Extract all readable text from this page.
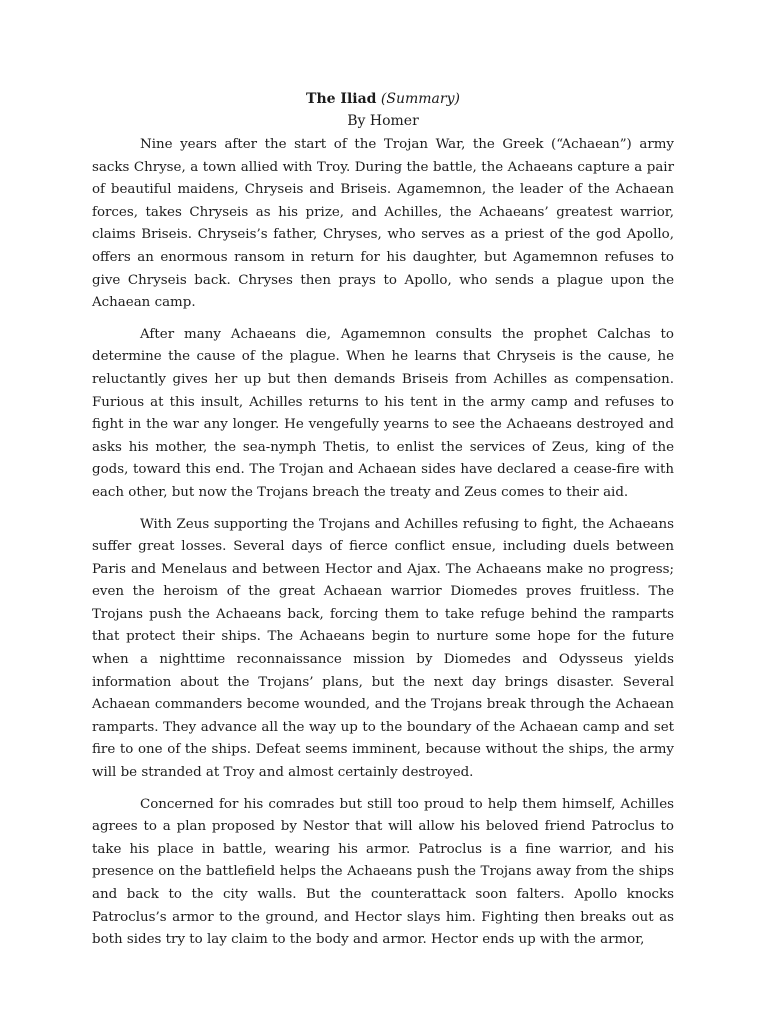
The Iliad (Summary)

By Homer

Nine years after the start of the Trojan War, the Greek (“Achaean”) army sacks Chryse, a town allied with Troy. During the battle, the Achaeans capture a pair of beautiful maidens, Chryseis and Briseis. Agamemnon, the leader of the Achaean forces, takes Chryseis as his prize, and Achilles, the Achaeans’ greatest warrior, claims Briseis. Chryseis’s father, Chryses, who serves as a priest of the god Apollo, offers an enormous ransom in return for his daughter, but Agamemnon refuses to give Chryseis back. Chryses then prays to Apollo, who sends a plague upon the Achaean camp.

After many Achaeans die, Agamemnon consults the prophet Calchas to determine the cause of the plague. When he learns that Chryseis is the cause, he reluctantly gives her up but then demands Briseis from Achilles as compensation. Furious at this insult, Achilles returns to his tent in the army camp and refuses to fight in the war any longer. He vengefully yearns to see the Achaeans destroyed and asks his mother, the sea-nymph Thetis, to enlist the services of Zeus, king of the gods, toward this end. The Trojan and Achaean sides have declared a cease-fire with each other, but now the Trojans breach the treaty and Zeus comes to their aid.

With Zeus supporting the Trojans and Achilles refusing to fight, the Achaeans suffer great losses. Several days of fierce conflict ensue, including duels between Paris and Menelaus and between Hector and Ajax. The Achaeans make no progress; even the heroism of the great Achaean warrior Diomedes proves fruitless. The Trojans push the Achaeans back, forcing them to take refuge behind the ramparts that protect their ships. The Achaeans begin to nurture some hope for the future when a nighttime reconnaissance mission by Diomedes and Odysseus yields information about the Trojans’ plans, but the next day brings disaster. Several Achaean commanders become wounded, and the Trojans break through the Achaean ramparts. They advance all the way up to the boundary of the Achaean camp and set fire to one of the ships. Defeat seems imminent, because without the ships, the army will be stranded at Troy and almost certainly destroyed.

Concerned for his comrades but still too proud to help them himself, Achilles agrees to a plan proposed by Nestor that will allow his beloved friend Patroclus to take his place in battle, wearing his armor. Patroclus is a fine warrior, and his presence on the battlefield helps the Achaeans push the Trojans away from the ships and back to the city walls. But the counterattack soon falters. Apollo knocks Patroclus’s armor to the ground, and Hector slays him. Fighting then breaks out as both sides try to lay claim to the body and armor. Hector ends up with the armor,
